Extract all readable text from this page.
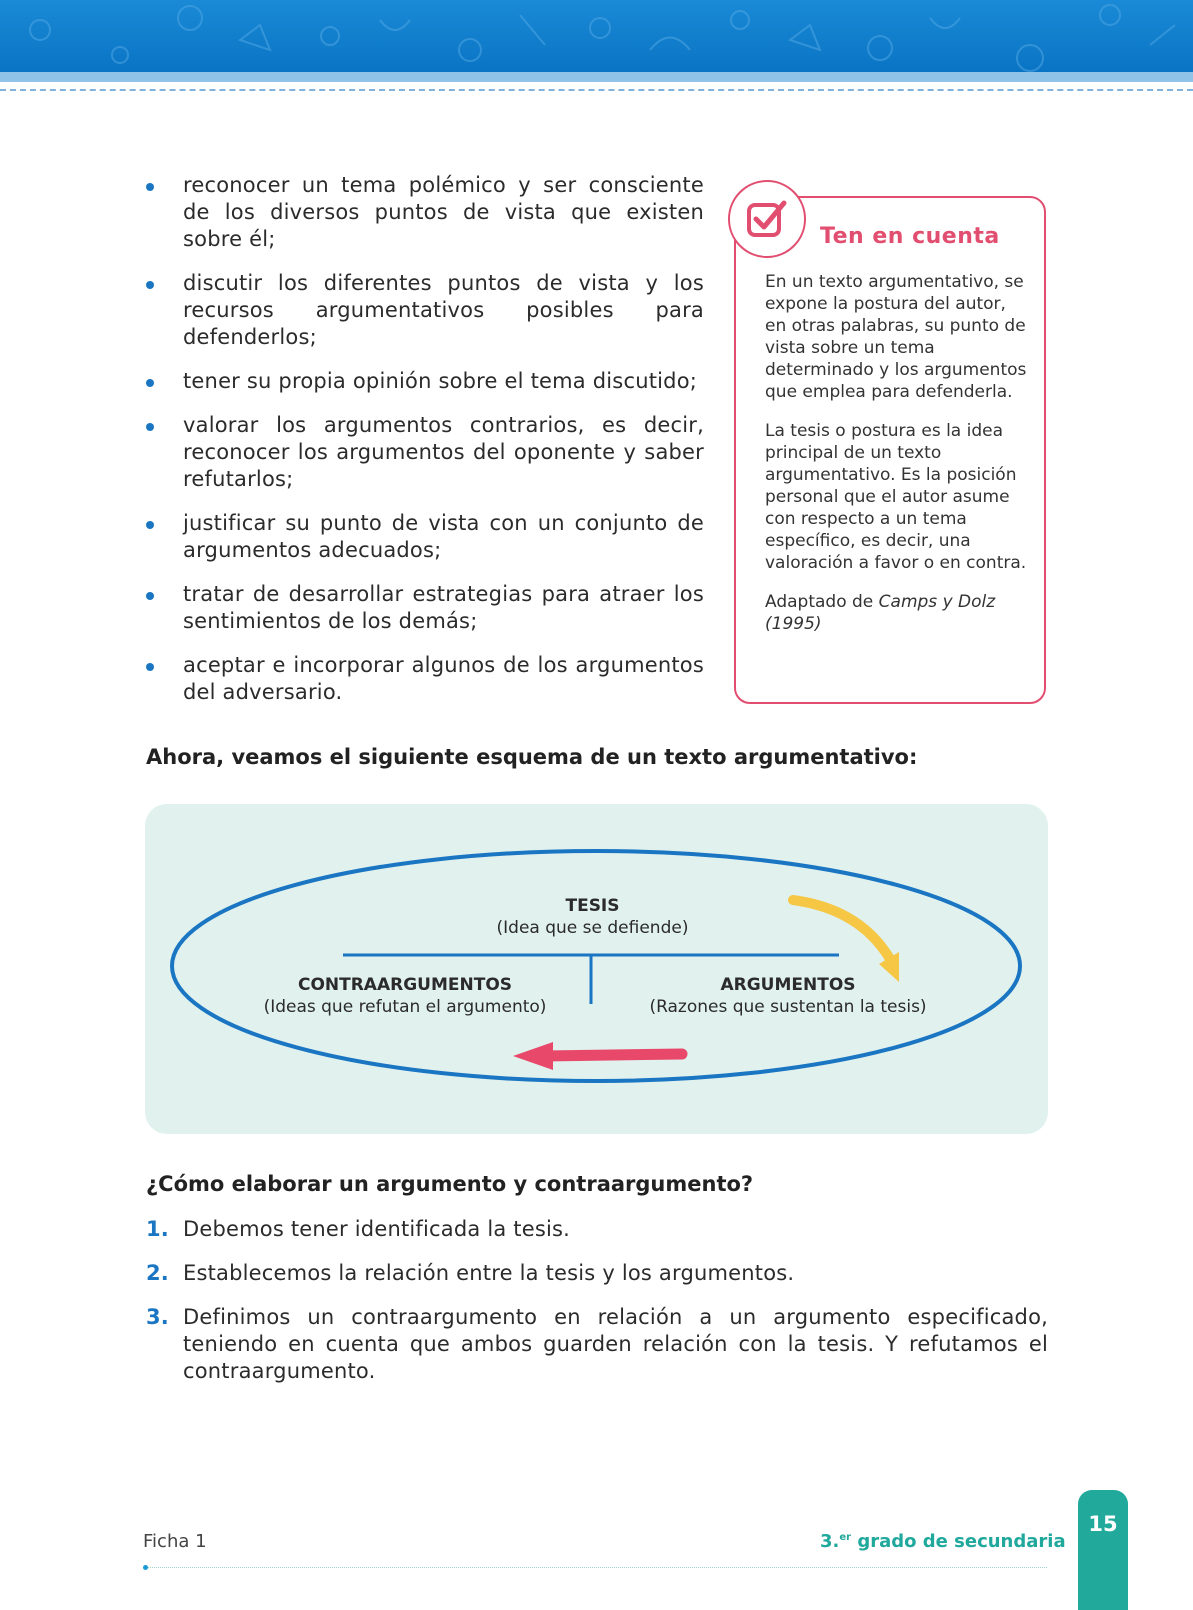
reconocer un tema polémico y ser consciente de los diversos puntos de vista que existen sobre él;
discutir los diferentes puntos de vista y los recursos argumentativos posibles para defenderlos;
tener su propia opinión sobre el tema discutido;
valorar los argumentos contrarios, es decir, reconocer los argumentos del oponente y saber refutarlos;
justificar su punto de vista con un conjunto de argumentos adecuados;
tratar de desarrollar estrategias para atraer los sentimientos de los demás;
aceptar e incorporar algunos de los argumentos del adversario.
Ten en cuenta

En un texto argumentativo, se expone la postura del autor, en otras palabras, su punto de vista sobre un tema determinado y los argumentos que emplea para defenderla.

La tesis o postura es la idea principal de un texto argumentativo. Es la posición personal que el autor asume con respecto a un tema específico, es decir, una valoración a favor o en contra.

Adaptado de Camps y Dolz (1995)

Ahora, veamos el siguiente esquema de un texto argumentativo:
TESIS
(Idea que se defiende)
CONTRAARGUMENTOS
(Ideas que refutan el argumento)
ARGUMENTOS
(Razones que sustentan la tesis)
¿Cómo elaborar un argumento y contraargumento?
1. Debemos tener identificada la tesis.
2. Establecemos la relación entre la tesis y los argumentos.
3. Definimos un contraargumento en relación a un argumento especificado, teniendo en cuenta que ambos guarden relación con la tesis. Y refutamos el contraargumento.
Ficha 1	3.$^{er}$ grado de secundaria
15
